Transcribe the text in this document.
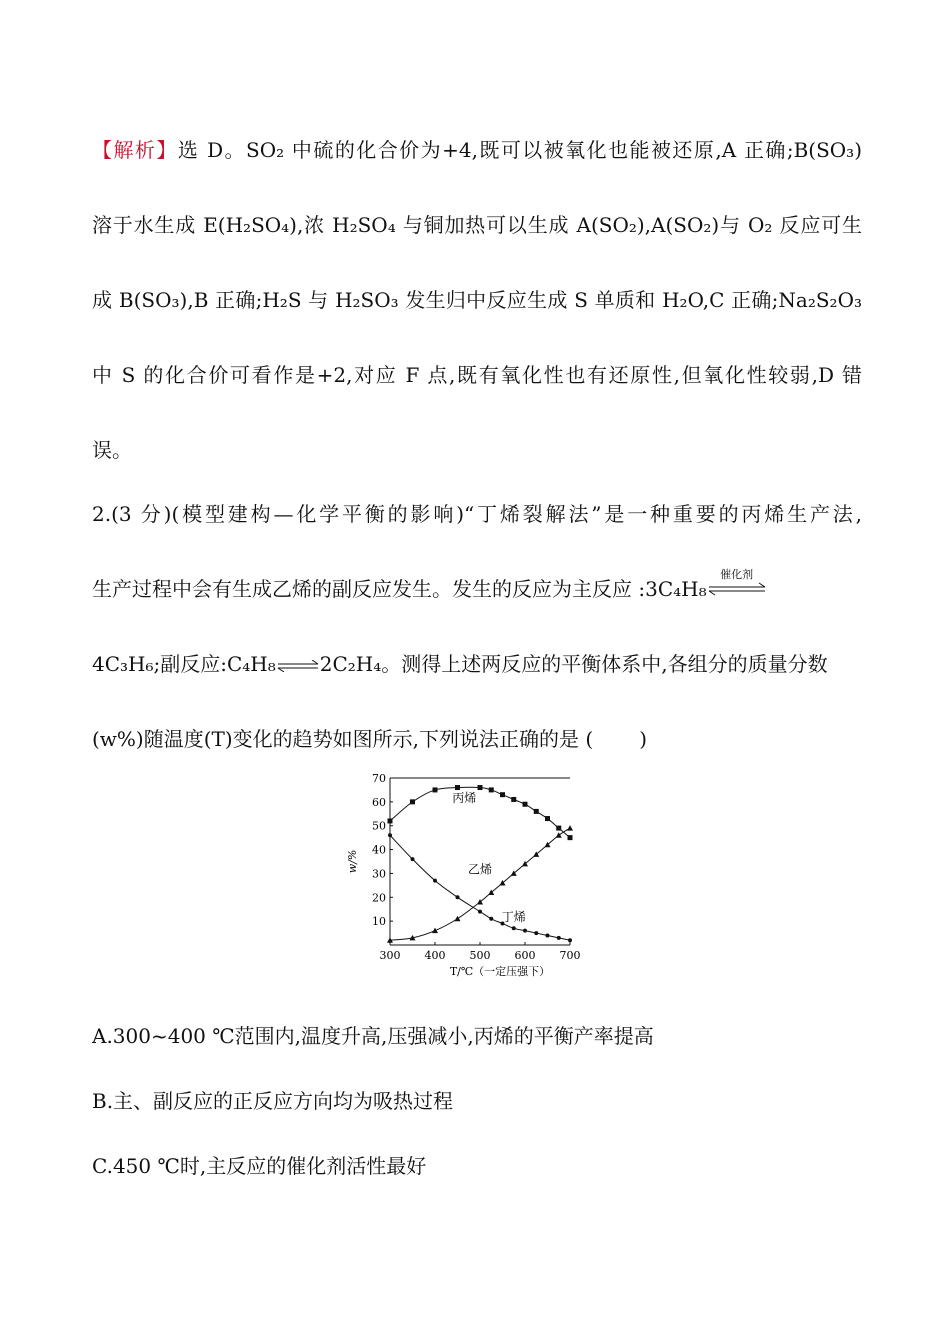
【解析】选 D。SO₂ 中硫的化合价为+4,既可以被氧化也能被还原,A 正确;B(SO₃)
溶于水生成 E(H₂SO₄),浓 H₂SO₄ 与铜加热可以生成 A(SO₂),A(SO₂)与 O₂ 反应可生
成 B(SO₃),B 正确;H₂S 与 H₂SO₃ 发生归中反应生成 S 单质和 H₂O,C 正确;Na₂S₂O₃
中 S 的化合价可看作是+2,对应 F 点,既有氧化性也有还原性,但氧化性较弱,D 错
误。
2.(3 分)(模型建构—化学平衡的影响)“丁烯裂解法”是一种重要的丙烯生产法,
生产过程中会有生成乙烯的副反应发生。发生的反应为主反应 :3C₄H₈
催化剂
4C₃H₆;副反应:C₄H₈⇌2C₂H₄。测得上述两反应的平衡体系中,各组分的质量分数
(w%)随温度(T)变化的趋势如图所示,下列说法正确的是 ( )
300 400 500 600 700
10
20
30
40
50
60
70
T/℃（一定压强下）
w/%
丙烯
乙烯
丁烯
A.300~400 ℃范围内,温度升高,压强减小,丙烯的平衡产率提高
B.主、副反应的正反应方向均为吸热过程
C.450 ℃时,主反应的催化剂活性最好
